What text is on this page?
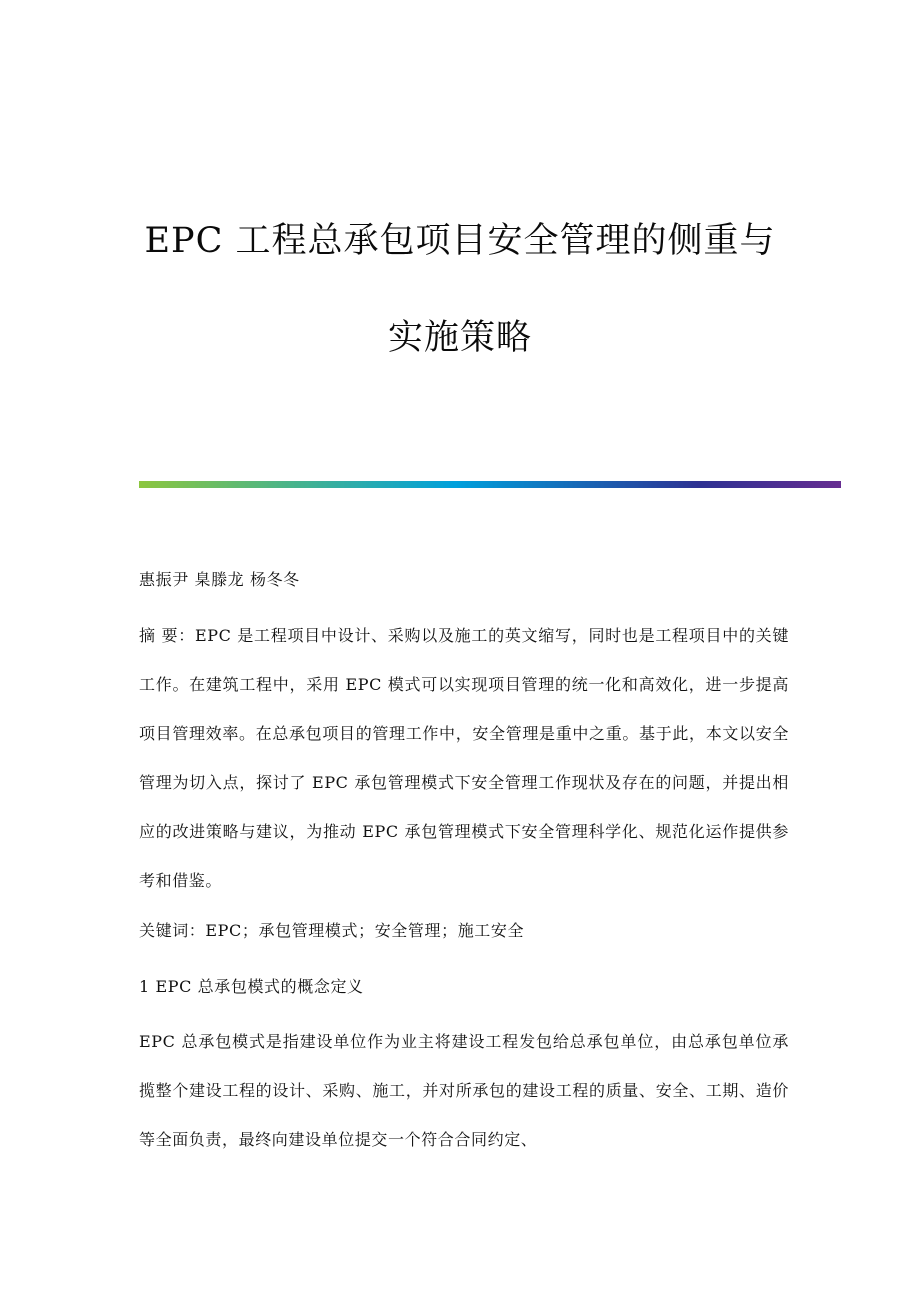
EPC 工程总承包项目安全管理的侧重与
实施策略

惠振尹 臬滕龙 杨冬冬

摘 要：EPC 是工程项目中设计、采购以及施工的英文缩写，同时也是工程项目中的关键工作。在建筑工程中，采用 EPC 模式可以实现项目管理的统一化和高效化，进一步提高项目管理效率。在总承包项目的管理工作中，安全管理是重中之重。基于此，本文以安全管理为切入点，探讨了 EPC 承包管理模式下安全管理工作现状及存在的问题，并提出相应的改进策略与建议，为推动 EPC 承包管理模式下安全管理科学化、规范化运作提供参考和借鉴。

关键词：EPC；承包管理模式；安全管理；施工安全

1 EPC 总承包模式的概念定义

EPC 总承包模式是指建设单位作为业主将建设工程发包给总承包单位，由总承包单位承揽整个建设工程的设计、采购、施工，并对所承包的建设工程的质量、安全、工期、造价等全面负责，最终向建设单位提交一个符合合同约定、
